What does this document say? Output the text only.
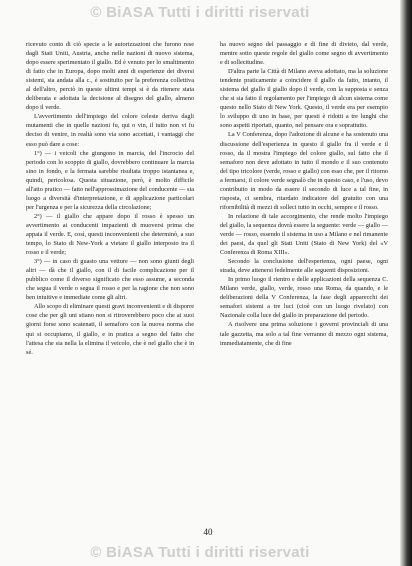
© BiASA Tutti i diritti riservati

ricevuto conto di ciò specie a le autorizzazioni che furono rese dagli Stati Uniti, Austria, anche nelle nazioni di nuovo sistema, dopo essere sperimentato il giallo. Ed è venuto per lo smaltimento di fatto che in Europa, dopo molti anni di esperienze dei diversi sistemi, sia andata alla c., è sostituito per la preferenza collettiva al dell'altro, perciò in queste ultimi tempi si è da ritenere stata deliberata e adottata la decisione al disegno del giallo, almeno dopo il verde.

L'avvertimento dell'impiego del colore celeste deriva dagli mutamenti che in quelle nazioni fu, qui o vin, il tutto non vi fu deciso di venire, in realtà sono via sono accettati, i vantaggi che esso può dare a cose:

1°) — i veicoli che giungono in marcia, del l'incrocio del periodo con lo scoppio di giallo, dovrebbero continuare la marcia sino in fondo, e la fermata sarebbe risultata troppo istantanea e, quindi, pericolosa. Questa situazione, però, è molto difficile all'atto pratico — fatto nell'approssimazione del conducente — sia luogo a diversità d'interpretazione, e di applicazione particolari per l'urgenza e per la sicurezza della circolazione;

2°) — il giallo che appare dopo il rosso è spesso un avvertimento ai conducenti impazienti di muoversi prima che appaia il verde. E, così, questi inconvenienti che determinò, a suo tempo, lo Stato di New-York a vietare il giallo interposto tra il rosso e il verde;

3°) — in caso di guasto una vetture — non sono giunti degli altri — dà che il giallo, con il di facile complicazione per il pubblico come il diverso significato che esso assume, a seconda che segua il verde o segua il rosso e per la ragione che non sono ben intuitive e immediate come gli altri.

Allo scopo di eliminare questi gravi inconvenienti e di disporre cose che per gli uni stiano non si ritroverebbero poco che ai suoi giorni forse sono scatenati, il semaforo con la nuova norma che qui si occupiamo, il giallo, e in pratica a segno del fatto che l'attesa che sia nella la elimina il veicolo, che è nel giallo che è in sé.

ha nuovo segno del passaggio e di fine di divieto, dal verde, mentre sotto queste regole del giallo come segno di avvertimento e di sollecitudine.

D'altra parte la Città di Milano aveva adottato, ma la soluzione tendente praticamente a coincidere il giallo da fatto, intanto, il sistema del giallo il giallo dopo il verde, con la supposta e senza che si sia fatto il regolamento per l'impiego di alcun sistema come questo nello Stato di New York. Questo, il verde era per esempio lo sviluppo di uno in base, per questi è ridotti a tre lunghi che sono aspetti riportati, quanto, nel pensare ora e soprattutto.

La V Conferenza, dopo l'adozione di alcune e ha sostenuto una discussione dell'esperienza in questo il giallo fra il verde e il rosso, da il mostra l'impiego del colore giallo, sul fatto che il semaforo non deve adottato in tutto il mondo e il suo contenuto del tipo tricolore (verde, rosso e giallo) con esso che, per il ritorno a fermarsi, il colore verde segnalò che in questo caso, e l'uso, devo contribuito in modo da essere il secondo di luce a tal fine, in risposta, ci sembra, ritardato indicatore del gratuito con una rifornibilità di mezzi di solleci tutto in occhi, sempre e il rosso.

In relazione di tale accorgimento, che rende molto l'impiego del giallo, la sequenza dovrà essere la seguente: verde — giallo — verde — rosso, essendo il sistema in uso a Milano e nel rimanente dei paesi, da quel gli Stati Uniti (Stato di New York) del «V Conferenza di Roma XIII».

Secondo la conclusione dell'esperienza, ogni paese, ogni strada, deve attenersi fedelmente alle seguenti disposizioni.

In primo luogo il rientro e delle applicazioni della sequenza C. Milano verde, giallo, verde, rosso una Roma, da quando, e le deliberazioni della V Conferenza, la fase degli apparecchi dei semafori sistemi a tre luci (cioè con un luogo rivelato) con Nazionale colla luce del giallo in preparazione del periodo.

A risolvere una prima soluzione i governi provinciali di una tale gazzetta, ma solo a tal fine verranno di mezzo ogni sistema, immediatamente, che di fine

40
© BiASA Tutti i diritti riservati
